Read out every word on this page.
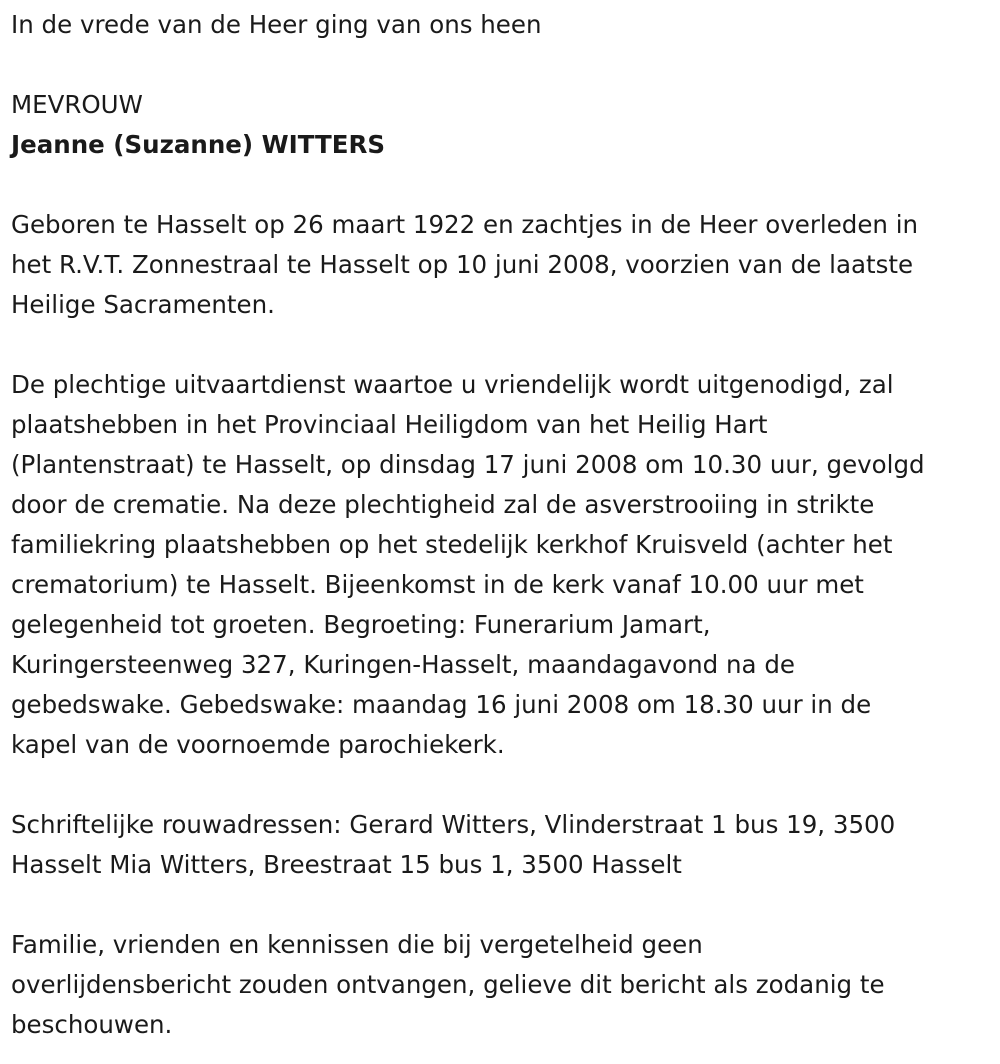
In de vrede van de Heer ging van ons heen

MEVROUW

Jeanne (Suzanne) WITTERS

Geboren te Hasselt op 26 maart 1922 en zachtjes in de Heer overleden in

het R.V.T. Zonnestraal te Hasselt op 10 juni 2008, voorzien van de laatste

Heilige Sacramenten.

De plechtige uitvaartdienst waartoe u vriendelijk wordt uitgenodigd, zal

plaatshebben in het Provinciaal Heiligdom van het Heilig Hart

(Plantenstraat) te Hasselt, op dinsdag 17 juni 2008 om 10.30 uur, gevolgd

door de crematie. Na deze plechtigheid zal de asverstrooiing in strikte

familiekring plaatshebben op het stedelijk kerkhof Kruisveld (achter het

crematorium) te Hasselt. Bijeenkomst in de kerk vanaf 10.00 uur met

gelegenheid tot groeten. Begroeting: Funerarium Jamart,

Kuringersteenweg 327, Kuringen-Hasselt, maandagavond na de

gebedswake. Gebedswake: maandag 16 juni 2008 om 18.30 uur in de

kapel van de voornoemde parochiekerk.

Schriftelijke rouwadressen: Gerard Witters, Vlinderstraat 1 bus 19, 3500

Hasselt Mia Witters, Breestraat 15 bus 1, 3500 Hasselt

Familie, vrienden en kennissen die bij vergetelheid geen

overlijdensbericht zouden ontvangen, gelieve dit bericht als zodanig te

beschouwen.
